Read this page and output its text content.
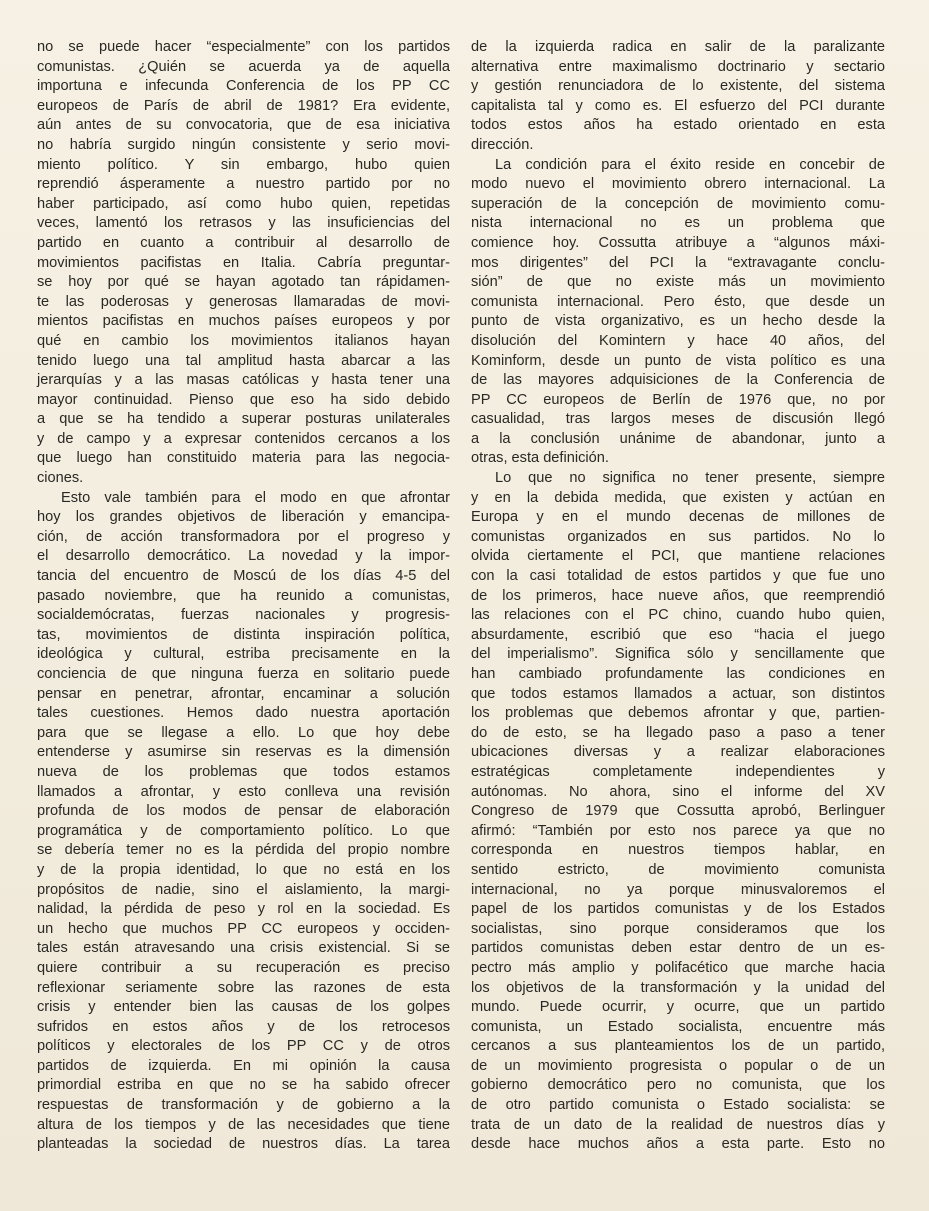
no se puede hacer “especialmente” con los partidos
comunistas. ¿Quién se acuerda ya de aquella
importuna e infecunda Conferencia de los PP CC
europeos de París de abril de 1981? Era evidente,
aún antes de su convocatoria, que de esa iniciativa
no habría surgido ningún consistente y serio movi-
miento político. Y sin embargo, hubo quien
reprendió ásperamente a nuestro partido por no
haber participado, así como hubo quien, repetidas
veces, lamentó los retrasos y las insuficiencias del
partido en cuanto a contribuir al desarrollo de
movimientos pacifistas en Italia. Cabría preguntar-
se hoy por qué se hayan agotado tan rápidamen-
te las poderosas y generosas llamaradas de movi-
mientos pacifistas en muchos países europeos y por
qué en cambio los movimientos italianos hayan
tenido luego una tal amplitud hasta abarcar a las
jerarquías y a las masas católicas y hasta tener una
mayor continuidad. Pienso que eso ha sido debido
a que se ha tendido a superar posturas unilaterales
y de campo y a expresar contenidos cercanos a los
que luego han constituido materia para las negocia-
ciones.
Esto vale también para el modo en que afrontar
hoy los grandes objetivos de liberación y emancipa-
ción, de acción transformadora por el progreso y
el desarrollo democrático. La novedad y la impor-
tancia del encuentro de Moscú de los días 4-5 del
pasado noviembre, que ha reunido a comunistas,
socialdemócratas, fuerzas nacionales y progresis-
tas, movimientos de distinta inspiración política,
ideológica y cultural, estriba precisamente en la
conciencia de que ninguna fuerza en solitario puede
pensar en penetrar, afrontar, encaminar a solución
tales cuestiones. Hemos dado nuestra aportación
para que se llegase a ello. Lo que hoy debe
entenderse y asumirse sin reservas es la dimensión
nueva de los problemas que todos estamos
llamados a afrontar, y esto conlleva una revisión
profunda de los modos de pensar de elaboración
programática y de comportamiento político. Lo que
se debería temer no es la pérdida del propio nombre
y de la propia identidad, lo que no está en los
propósitos de nadie, sino el aislamiento, la margi-
nalidad, la pérdida de peso y rol en la sociedad. Es
un hecho que muchos PP CC europeos y occiden-
tales están atravesando una crisis existencial. Si se
quiere contribuir a su recuperación es preciso
reflexionar seriamente sobre las razones de esta
crisis y entender bien las causas de los golpes
sufridos en estos años y de los retrocesos
políticos y electorales de los PP CC y de otros
partidos de izquierda. En mi opinión la causa
primordial estriba en que no se ha sabido ofrecer
respuestas de transformación y de gobierno a la
altura de los tiempos y de las necesidades que tiene
planteadas la sociedad de nuestros días. La tarea
de la izquierda radica en salir de la paralizante
alternativa entre maximalismo doctrinario y sectario
y gestión renunciadora de lo existente, del sistema
capitalista tal y como es. El esfuerzo del PCI durante
todos estos años ha estado orientado en esta
dirección.
La condición para el éxito reside en concebir de
modo nuevo el movimiento obrero internacional. La
superación de la concepción de movimiento comu-
nista internacional no es un problema que
comience hoy. Cossutta atribuye a “algunos máxi-
mos dirigentes” del PCI la “extravagante conclu-
sión” de que no existe más un movimiento
comunista internacional. Pero ésto, que desde un
punto de vista organizativo, es un hecho desde la
disolución del Komintern y hace 40 años, del
Kominform, desde un punto de vista político es una
de las mayores adquisiciones de la Conferencia de
PP CC europeos de Berlín de 1976 que, no por
casualidad, tras largos meses de discusión llegó
a la conclusión unánime de abandonar, junto a
otras, esta definición.
Lo que no significa no tener presente, siempre
y en la debida medida, que existen y actúan en
Europa y en el mundo decenas de millones de
comunistas organizados en sus partidos. No lo
olvida ciertamente el PCI, que mantiene relaciones
con la casi totalidad de estos partidos y que fue uno
de los primeros, hace nueve años, que reemprendió
las relaciones con el PC chino, cuando hubo quien,
absurdamente, escribió que eso “hacia el juego
del imperialismo”. Significa sólo y sencillamente que
han cambiado profundamente las condiciones en
que todos estamos llamados a actuar, son distintos
los problemas que debemos afrontar y que, partien-
do de esto, se ha llegado paso a paso a tener
ubicaciones diversas y a realizar elaboraciones
estratégicas completamente independientes y
autónomas. No ahora, sino el informe del XV
Congreso de 1979 que Cossutta aprobó, Berlinguer
afirmó: “También por esto nos parece ya que no
corresponda en nuestros tiempos hablar, en
sentido estricto, de movimiento comunista
internacional, no ya porque minusvaloremos el
papel de los partidos comunistas y de los Estados
socialistas, sino porque consideramos que los
partidos comunistas deben estar dentro de un es-
pectro más amplio y polifacético que marche hacia
los objetivos de la transformación y la unidad del
mundo. Puede ocurrir, y ocurre, que un partido
comunista, un Estado socialista, encuentre más
cercanos a sus planteamientos los de un partido,
de un movimiento progresista o popular o de un
gobierno democrático pero no comunista, que los
de otro partido comunista o Estado socialista: se
trata de un dato de la realidad de nuestros días y
desde hace muchos años a esta parte. Esto no
